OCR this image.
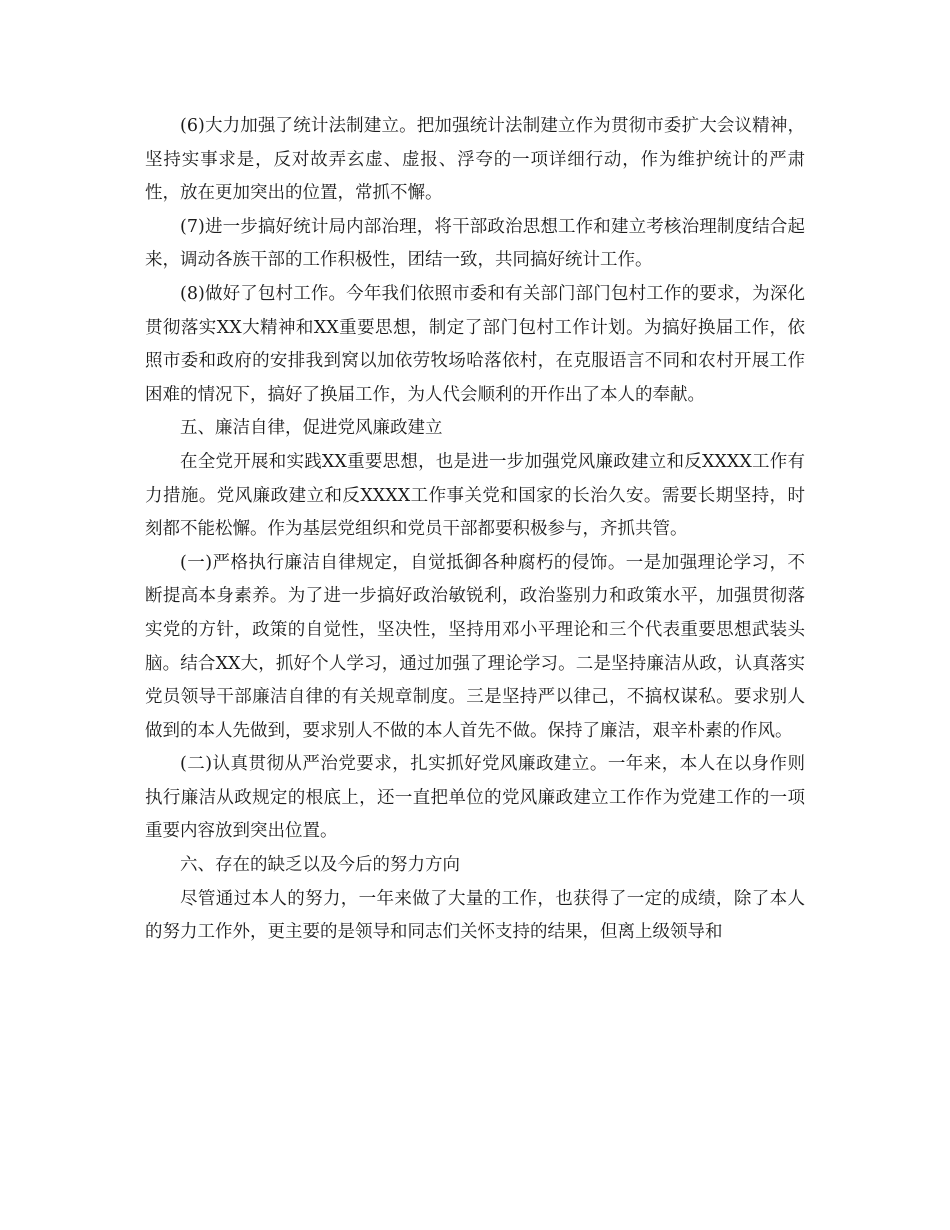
(6)大力加强了统计法制建立。把加强统计法制建立作为贯彻市委扩大会议精神，坚持实事求是，反对故弄玄虚、虚报、浮夸的一项详细行动，作为维护统计的严肃性，放在更加突出的位置，常抓不懈。

(7)进一步搞好统计局内部治理，将干部政治思想工作和建立考核治理制度结合起来，调动各族干部的工作积极性，团结一致，共同搞好统计工作。

(8)做好了包村工作。今年我们依照市委和有关部门部门包村工作的要求，为深化贯彻落实XX大精神和XX重要思想，制定了部门包村工作计划。为搞好换届工作，依照市委和政府的安排我到窝以加依劳牧场哈落依村，在克服语言不同和农村开展工作困难的情况下，搞好了换届工作，为人代会顺利的开作出了本人的奉献。

五、廉洁自律，促进党风廉政建立

在全党开展和实践XX重要思想，也是进一步加强党风廉政建立和反XXXX工作有力措施。党风廉政建立和反XXXX工作事关党和国家的长治久安。需要长期坚持，时刻都不能松懈。作为基层党组织和党员干部都要积极参与，齐抓共管。

(一)严格执行廉洁自律规定，自觉抵御各种腐朽的侵饰。一是加强理论学习，不断提高本身素养。为了进一步搞好政治敏锐利，政治鉴别力和政策水平，加强贯彻落实党的方针，政策的自觉性，坚决性，坚持用邓小平理论和三个代表重要思想武装头脑。结合XX大，抓好个人学习，通过加强了理论学习。二是坚持廉洁从政，认真落实党员领导干部廉洁自律的有关规章制度。三是坚持严以律己，不搞权谋私。要求别人做到的本人先做到，要求别人不做的本人首先不做。保持了廉洁，艰辛朴素的作风。

(二)认真贯彻从严治党要求，扎实抓好党风廉政建立。一年来，本人在以身作则执行廉洁从政规定的根底上，还一直把单位的党风廉政建立工作作为党建工作的一项重要内容放到突出位置。

六、存在的缺乏以及今后的努力方向

尽管通过本人的努力，一年来做了大量的工作，也获得了一定的成绩，除了本人的努力工作外，更主要的是领导和同志们关怀支持的结果，但离上级领导和
